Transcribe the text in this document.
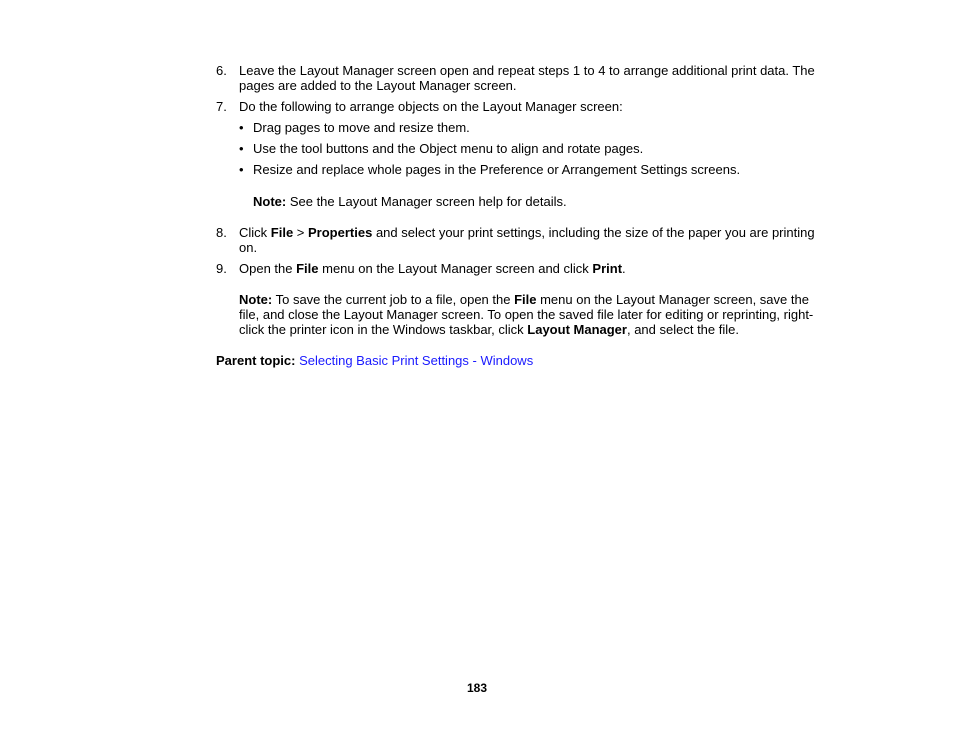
6. Leave the Layout Manager screen open and repeat steps 1 to 4 to arrange additional print data. The pages are added to the Layout Manager screen.
7. Do the following to arrange objects on the Layout Manager screen:
• Drag pages to move and resize them.
• Use the tool buttons and the Object menu to align and rotate pages.
• Resize and replace whole pages in the Preference or Arrangement Settings screens.
Note: See the Layout Manager screen help for details.
8. Click File > Properties and select your print settings, including the size of the paper you are printing on.
9. Open the File menu on the Layout Manager screen and click Print.
Note: To save the current job to a file, open the File menu on the Layout Manager screen, save the file, and close the Layout Manager screen. To open the saved file later for editing or reprinting, right-click the printer icon in the Windows taskbar, click Layout Manager, and select the file.
Parent topic: Selecting Basic Print Settings - Windows
183
